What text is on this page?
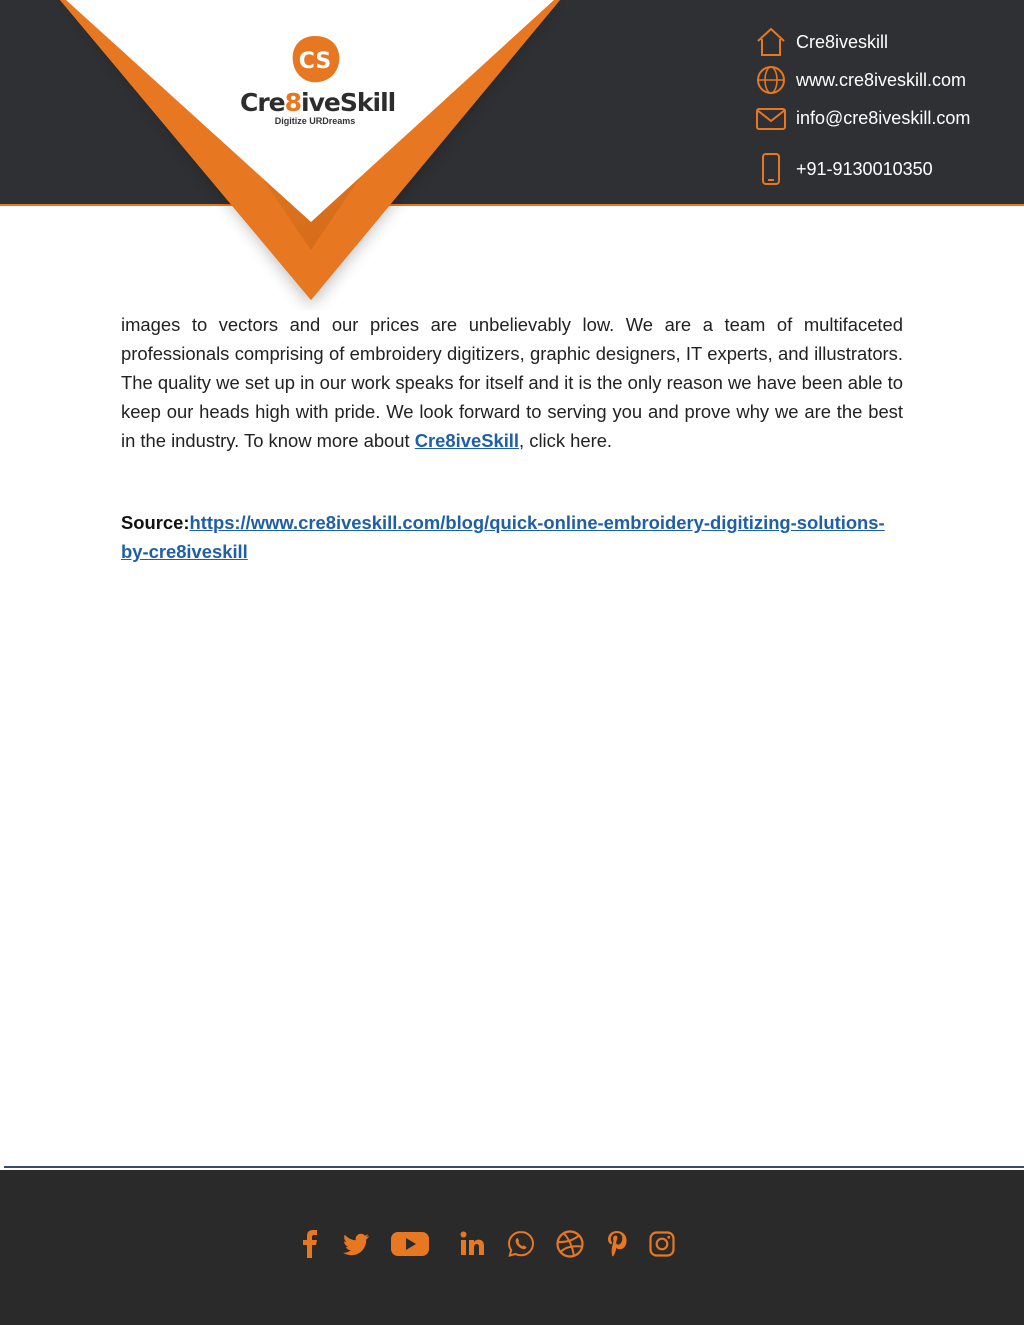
CS
Cre8iveSkill
Digitize URDreams
Cre8iveskill
www.cre8iveskill.com
info@cre8iveskill.com
+91-9130010350
images to vectors and our prices are unbelievably low. We are a team of multifaceted professionals comprising of embroidery digitizers, graphic designers, IT experts, and illustrators. The quality we set up in our work speaks for itself and it is the only reason we have been able to keep our heads high with pride. We look forward to serving you and prove why we are the best in the industry. To know more about Cre8iveSkill, click here.
Source:https://www.cre8iveskill.com/blog/quick-online-embroidery-digitizing-solutions-by-cre8iveskill
